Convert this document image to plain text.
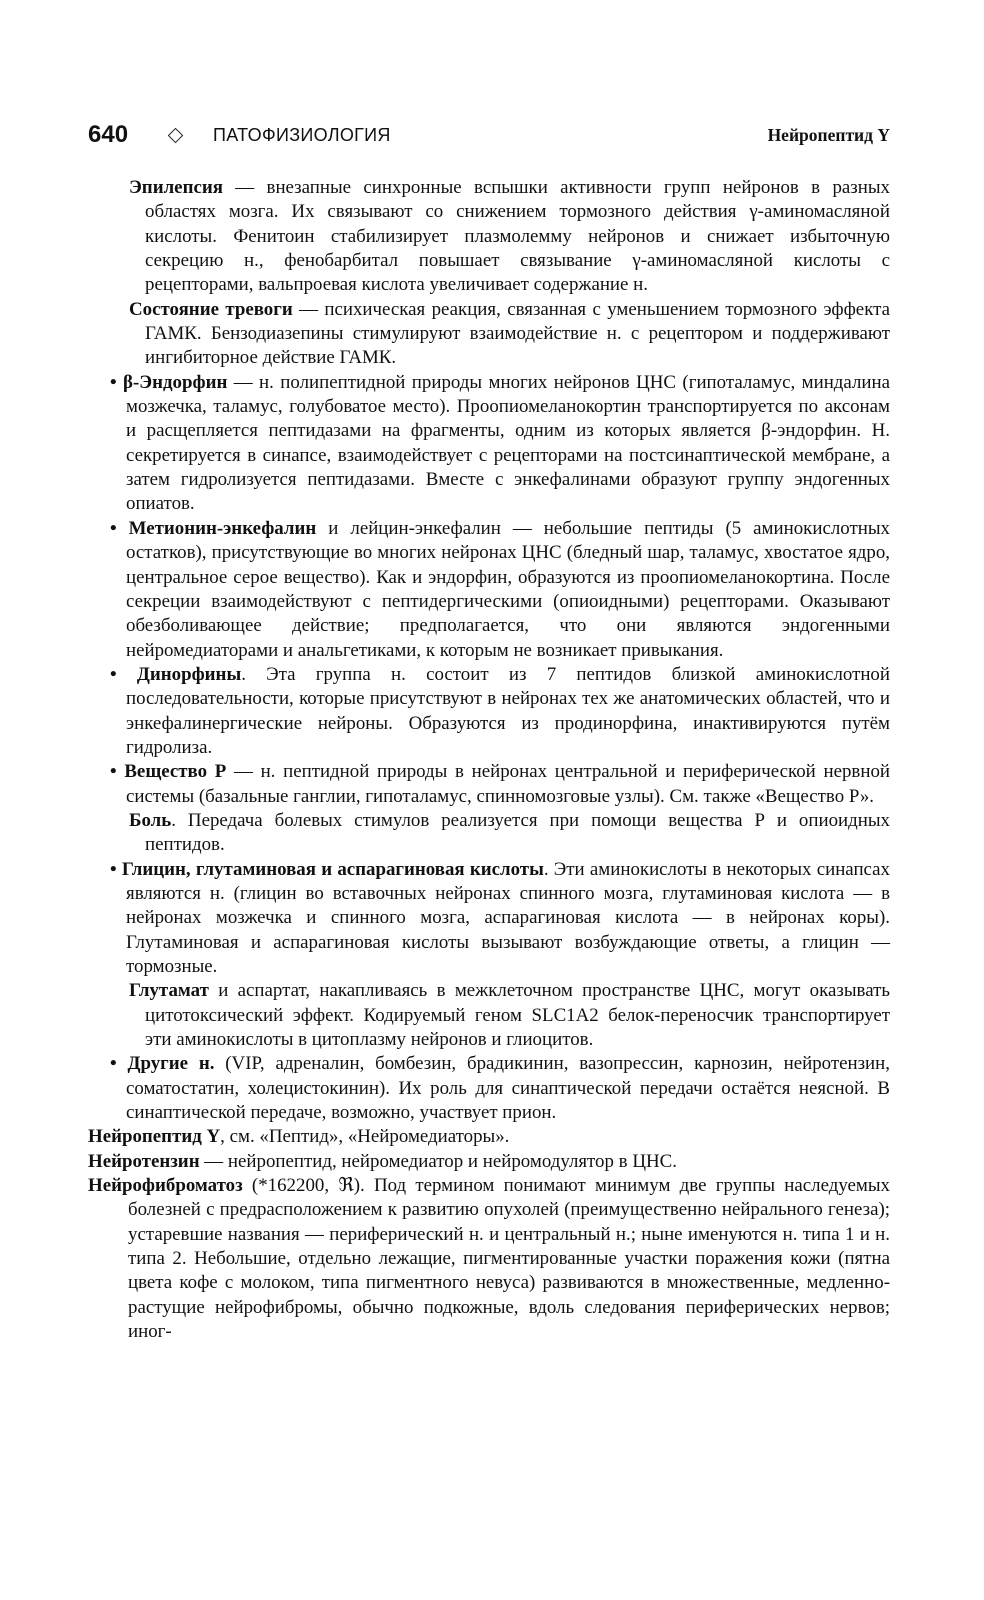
640	ПАТОФИЗИОЛОГИЯ	Нейропептид Y

Эпилепсия — внезапные синхронные вспышки активности групп нейронов в разных областях мозга. Их связывают со снижением тормозного действия γ-аминомасляной кислоты. Фенитоин стабилизирует плазмолемму нейронов и снижает избыточную секрецию н., фенобарбитал повышает связывание γ-аминомасляной кислоты с рецепторами, вальпроевая кислота увеличивает содержание н.

Состояние тревоги — психическая реакция, связанная с уменьшением тормозного эффекта ГАМК. Бензодиазепины стимулируют взаимодействие н. с рецептором и поддерживают ингибиторное действие ГАМК.

• β-Эндорфин — н. полипептидной природы многих нейронов ЦНС (гипоталамус, миндалина мозжечка, таламус, голубоватое место). Проопиомеланокортин транспортируется по аксонам и расщепляется пептидазами на фрагменты, одним из которых является β-эндорфин. Н. секретируется в синапсе, взаимодействует с рецепторами на постсинаптической мембране, а затем гидролизуется пептидазами. Вместе с энкефалинами образуют группу эндогенных опиатов.

• Метионин-энкефалин и лейцин-энкефалин — небольшие пептиды (5 аминокислотных остатков), присутствующие во многих нейронах ЦНС (бледный шар, таламус, хвостатое ядро, центральное серое вещество). Как и эндорфин, образуются из проопиомеланокортина. После секреции взаимодействуют с пептидергическими (опиоидными) рецепторами. Оказывают обезболивающее действие; предполагается, что они являются эндогенными нейромедиаторами и анальгетиками, к которым не возникает привыкания.

• Динорфины. Эта группа н. состоит из 7 пептидов близкой аминокислотной последовательности, которые присутствуют в нейронах тех же анатомических областей, что и энкефалинергические нейроны. Образуются из продинорфина, инактивируются путём гидролиза.

• Вещество Р — н. пептидной природы в нейронах центральной и периферической нервной системы (базальные ганглии, гипоталамус, спинномозговые узлы). См. также «Вещество Р».

Боль. Передача болевых стимулов реализуется при помощи вещества Р и опиоидных пептидов.

• Глицин, глутаминовая и аспарагиновая кислоты. Эти аминокислоты в некоторых синапсах являются н. (глицин во вставочных нейронах спинного мозга, глутаминовая кислота — в нейронах мозжечка и спинного мозга, аспарагиновая кислота — в нейронах коры). Глутаминовая и аспарагиновая кислоты вызывают возбуждающие ответы, а глицин — тормозные.

Глутамат и аспартат, накапливаясь в межклеточном пространстве ЦНС, могут оказывать цитотоксический эффект. Кодируемый геном SLC1A2 белок-переносчик транспортирует эти аминокислоты в цитоплазму нейронов и глиоцитов.

• Другие н. (VIP, адреналин, бомбезин, брадикинин, вазопрессин, карнозин, нейротензин, соматостатин, холецистокинин). Их роль для синаптической передачи остаётся неясной. В синаптической передаче, возможно, участвует прион.

Нейропептид Y, см. «Пептид», «Нейромедиаторы».

Нейротензин — нейропептид, нейромедиатор и нейромодулятор в ЦНС.

Нейрофиброматоз (*162200, ℜ). Под термином понимают минимум две группы наследуемых болезней с предрасположением к развитию опухолей (преимущественно нейрального генеза); устаревшие названия — периферический н. и центральный н.; ныне именуются н. типа 1 и н. типа 2. Небольшие, отдельно лежащие, пигментированные участки поражения кожи (пятна цвета кофе с молоком, типа пигментного невуса) развиваются в множественные, медленно-растущие нейрофибромы, обычно подкожные, вдоль следования периферических нервов; иног-
